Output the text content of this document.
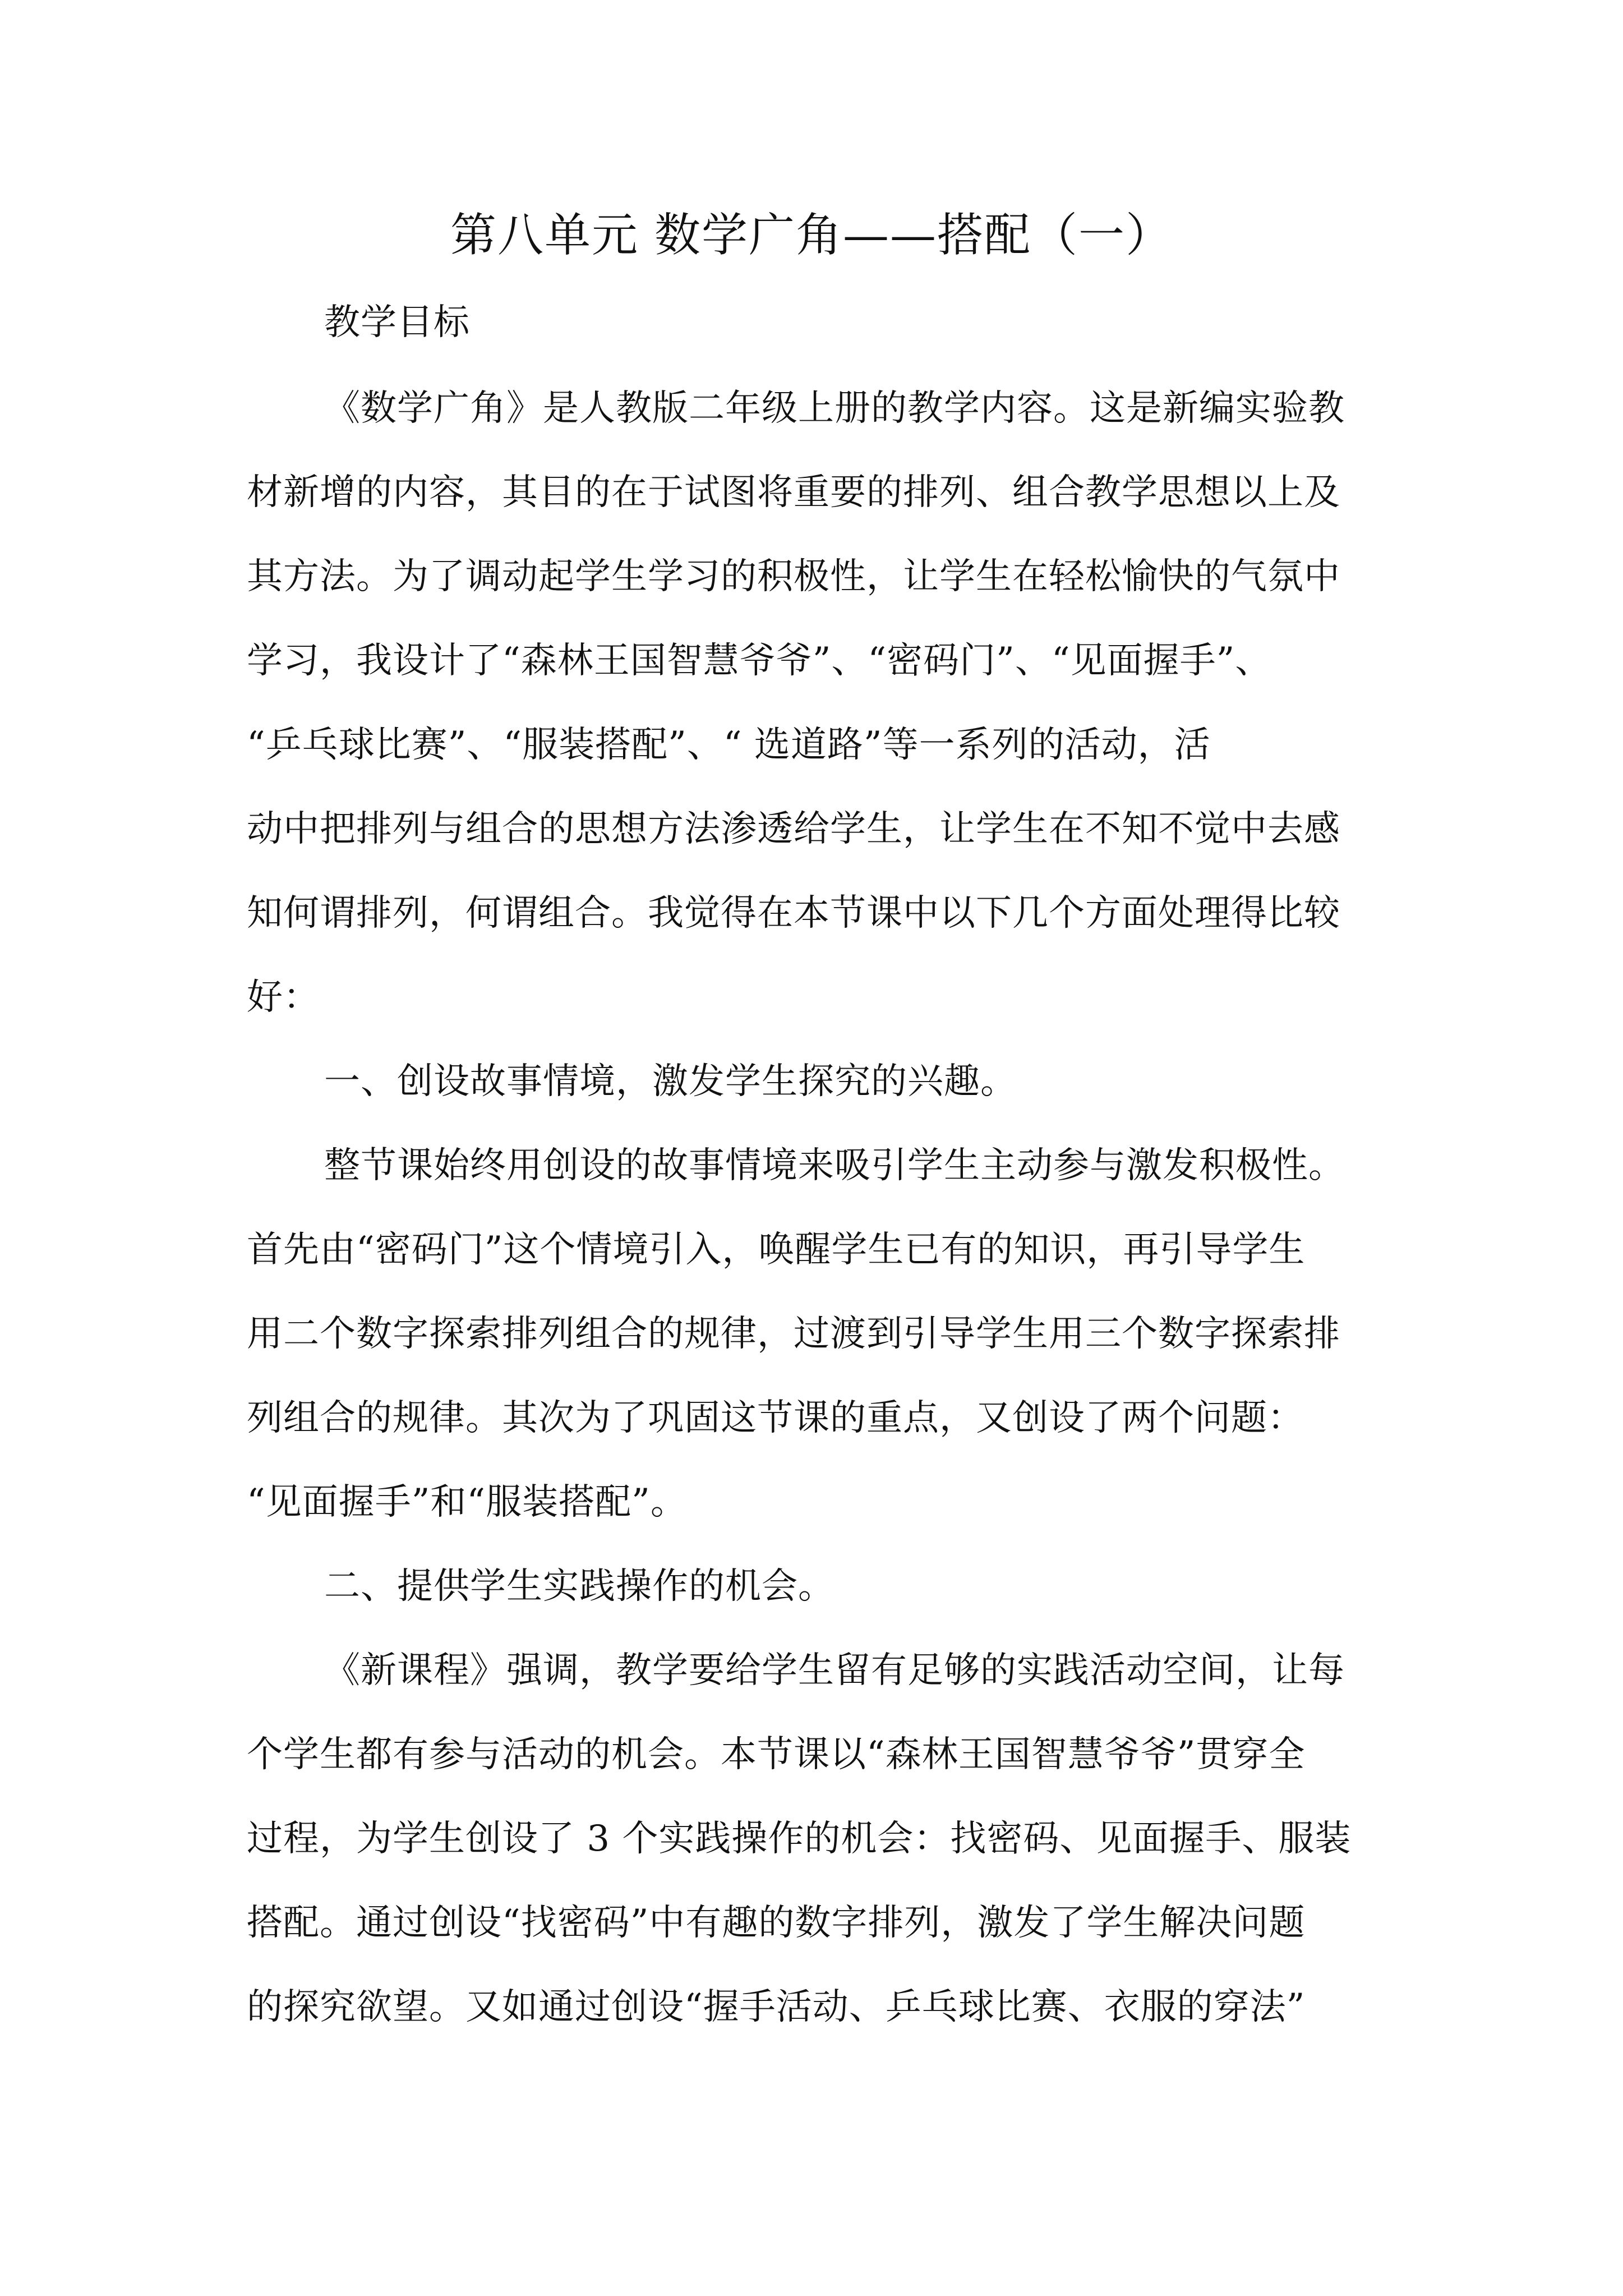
第八单元 数学广角——搭配（一）
教学目标
《数学广角》是人教版二年级上册的教学内容。这是新编实验教
材新增的内容，其目的在于试图将重要的排列、组合教学思想以上及
其方法。为了调动起学生学习的积极性，让学生在轻松愉快的气氛中
学习，我设计了“森林王国智慧爷爷”、“密码门”、“见面握手”、
“乒乓球比赛”、“服装搭配”、“ 选道路”等一系列的活动，活
动中把排列与组合的思想方法渗透给学生，让学生在不知不觉中去感
知何谓排列，何谓组合。我觉得在本节课中以下几个方面处理得比较
好：
一、创设故事情境，激发学生探究的兴趣。
整节课始终用创设的故事情境来吸引学生主动参与激发积极性。
首先由“密码门”这个情境引入，唤醒学生已有的知识，再引导学生
用二个数字探索排列组合的规律，过渡到引导学生用三个数字探索排
列组合的规律。其次为了巩固这节课的重点，又创设了两个问题：
“见面握手”和“服装搭配”。
二、提供学生实践操作的机会。
《新课程》强调，教学要给学生留有足够的实践活动空间，让每
个学生都有参与活动的机会。本节课以“森林王国智慧爷爷”贯穿全
过程，为学生创设了 3 个实践操作的机会：找密码、见面握手、服装
搭配。通过创设“找密码”中有趣的数字排列，激发了学生解决问题
的探究欲望。又如通过创设“握手活动、乒乓球比赛、衣服的穿法”
